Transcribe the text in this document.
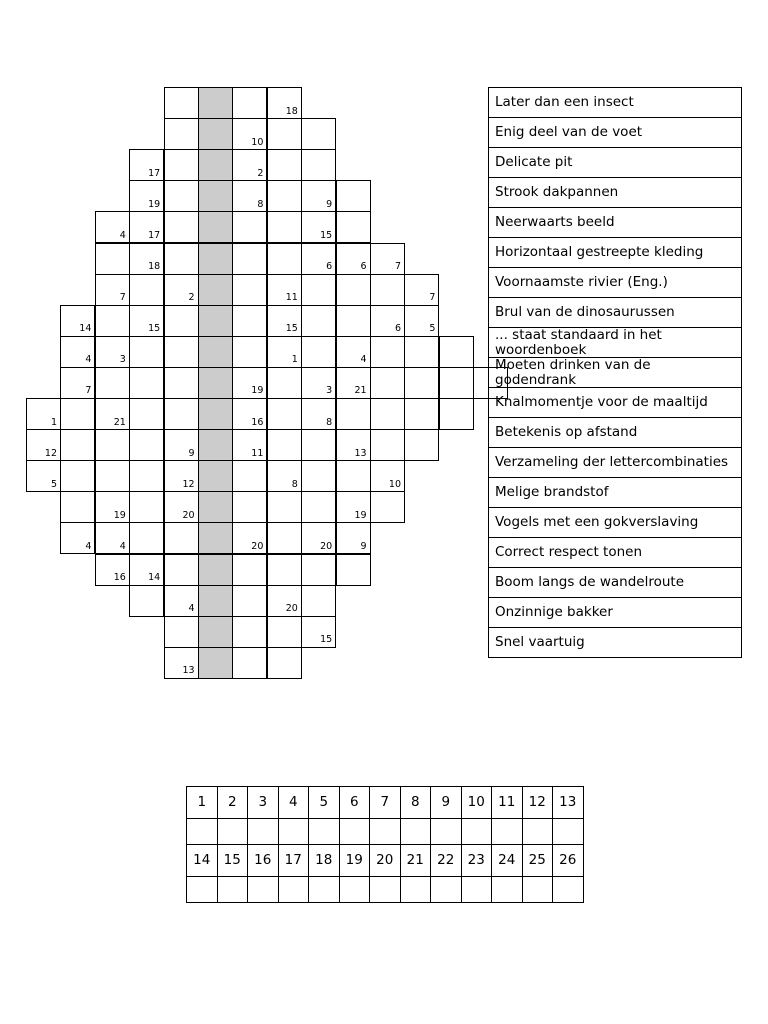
18
10
17	2
19	8	9
4 17	15
18	6	6	7
7	2	11	7
14	15	15	6	5
4	3	1	4
7	19	3 21
1	21	16	8
12	9	11	13
5	12	8	10
19	20	19
4	4	20	20	9
16 14
4	20
15
13
Later dan een insect
Enig deel van de voet
Delicate pit
Strook dakpannen
Neerwaarts beeld
Horizontaal gestreepte kleding
Voornaamste rivier (Eng.)
Brul van de dinosaurussen
... staat standaard in het woordenboek
Moeten drinken van de godendrank
Knalmomentje voor de maaltijd
Betekenis op afstand
Verzameling der lettercombinaties
Melige brandstof
Vogels met een gokverslaving
Correct respect tonen
Boom langs de wandelroute
Onzinnige bakker
Snel vaartuig
1	2	3	4	5	6	7	8	9	10	11	12	13

14	15	16	17	18	19	20	21	22	23	24	25	26
